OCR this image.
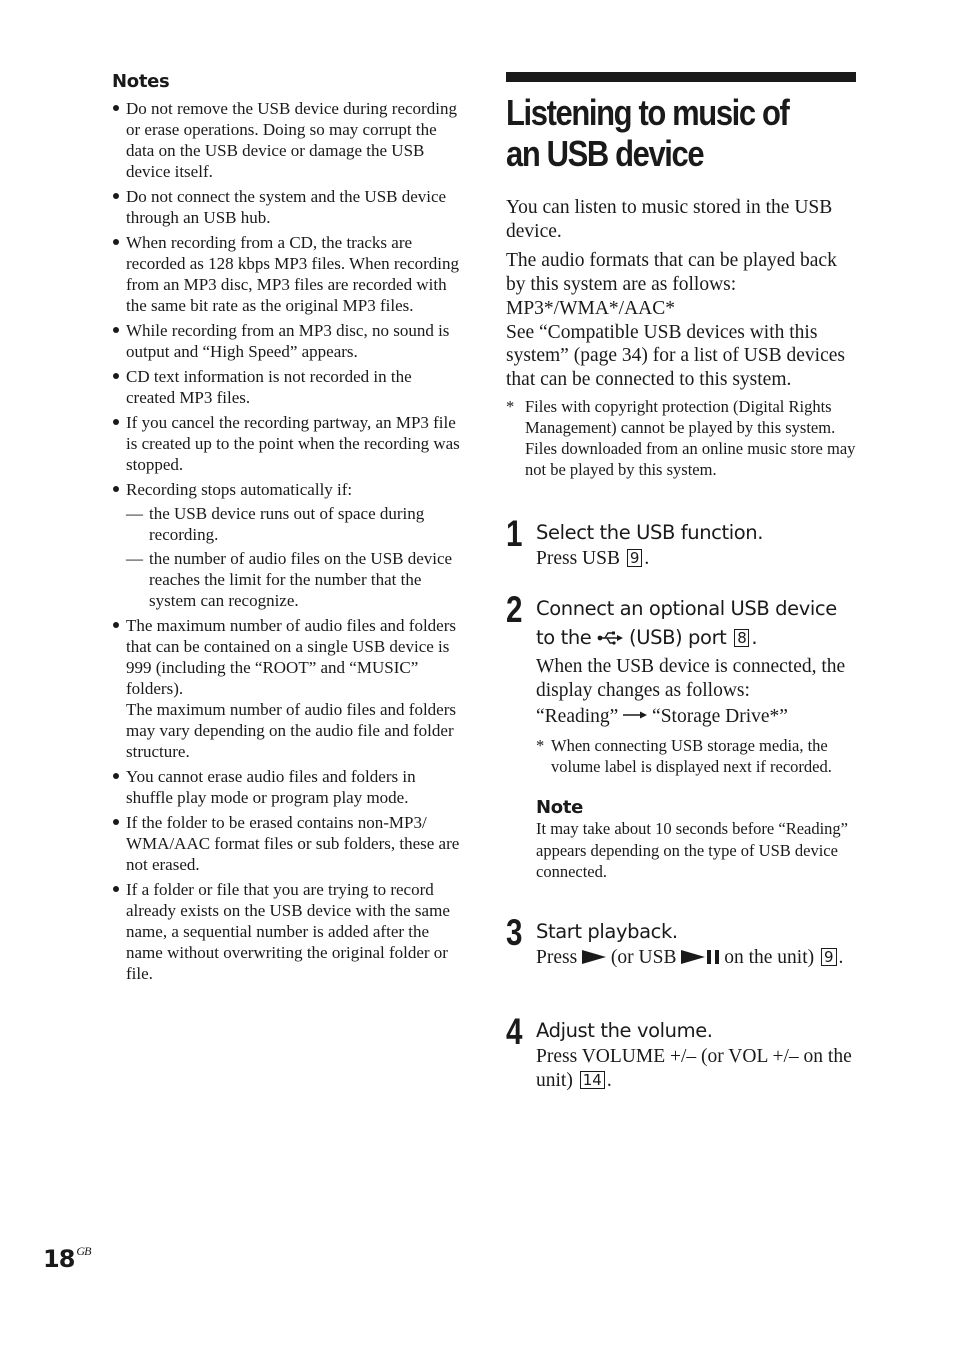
Notes
Do not remove the USB device during recording or erase operations. Doing so may corrupt the data on the USB device or damage the USB device itself.
Do not connect the system and the USB device through an USB hub.
When recording from a CD, the tracks are recorded as 128 kbps MP3 files. When recording from an MP3 disc, MP3 files are recorded with the same bit rate as the original MP3 files.
While recording from an MP3 disc, no sound is output and “High Speed” appears.
CD text information is not recorded in the created MP3 files.
If you cancel the recording partway, an MP3 file is created up to the point when the recording was stopped.
Recording stops automatically if:
— the USB device runs out of space during recording.
— the number of audio files on the USB device reaches the limit for the number that the system can recognize.
The maximum number of audio files and folders that can be contained on a single USB device is 999 (including the “ROOT” and “MUSIC” folders).
The maximum number of audio files and folders may vary depending on the audio file and folder structure.
You cannot erase audio files and folders in shuffle play mode or program play mode.
If the folder to be erased contains non-MP3/ WMA/AAC format files or sub folders, these are not erased.
If a folder or file that you are trying to record already exists on the USB device with the same name, a sequential number is added after the name without overwriting the original folder or file.
Listening to music of
an USB device

You can listen to music stored in the USB device.

The audio formats that can be played back by this system are as follows: MP3*/WMA*/AAC*

See “Compatible USB devices with this system” (page 34) for a list of USB devices that can be connected to this system.

* Files with copyright protection (Digital Rights Management) cannot be played by this system.
Files downloaded from an online music store may not be played by this system.
1 Select the USB function.
Press USB 9 .
2 Connect an optional USB device to the (USB) port 8 .
When the USB device is connected, the display changes as follows:
“Reading” “Storage Drive*”
* When connecting USB storage media, the volume label is displayed next if recorded.
Note
It may take about 10 seconds before “Reading” appears depending on the type of USB device connected.
3 Start playback.
Press (or USB on the unit) 9 .
4 Adjust the volume.
Press VOLUME +/– (or VOL +/– on the unit) 14 .
18 $^{GB}$
